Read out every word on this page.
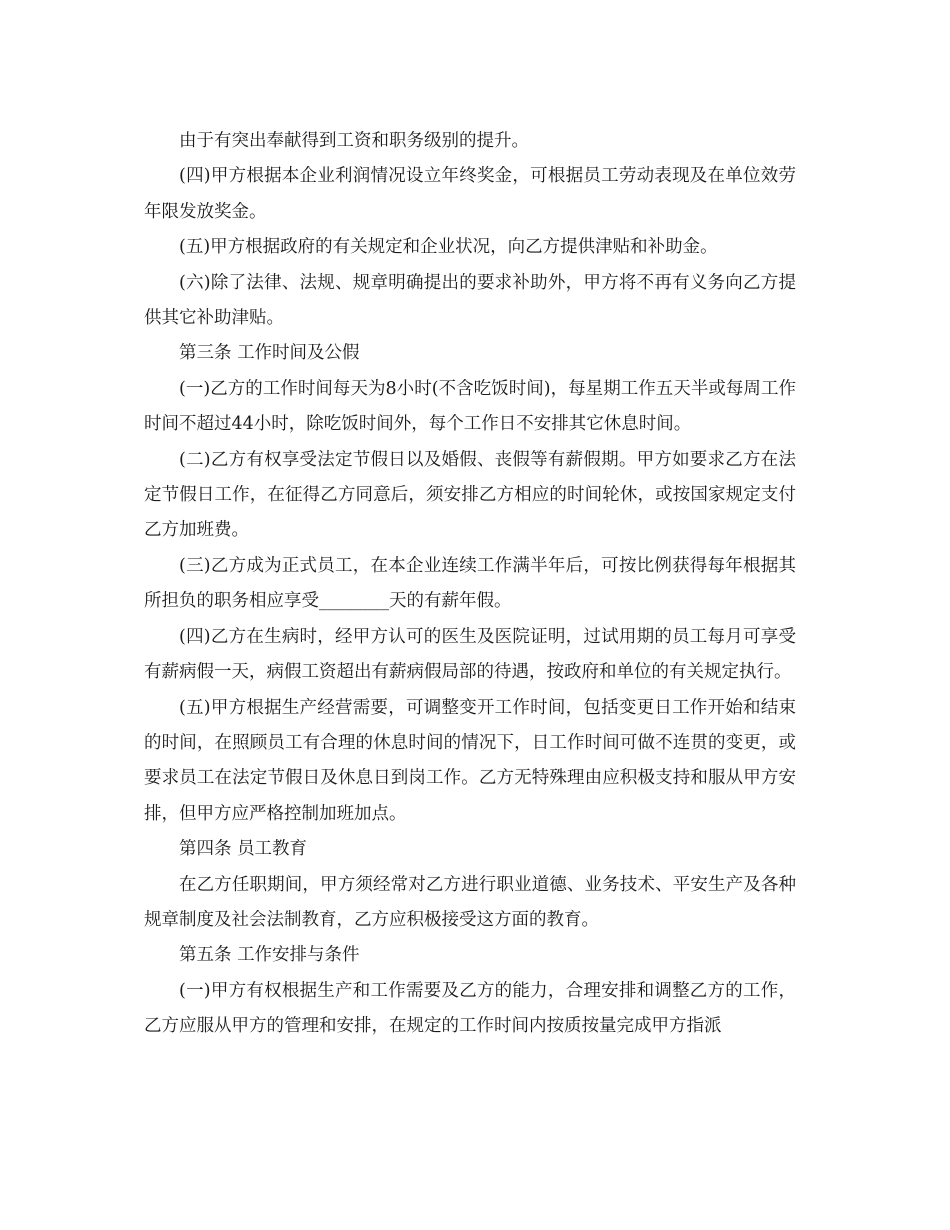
由于有突出奉献得到工资和职务级别的提升。

(四)甲方根据本企业利润情况设立年终奖金，可根据员工劳动表现及在单位效劳年限发放奖金。

(五)甲方根据政府的有关规定和企业状况，向乙方提供津贴和补助金。

(六)除了法律、法规、规章明确提出的要求补助外，甲方将不再有义务向乙方提供其它补助津贴。

第三条 工作时间及公假

(一)乙方的工作时间每天为8小时(不含吃饭时间)，每星期工作五天半或每周工作时间不超过44小时，除吃饭时间外，每个工作日不安排其它休息时间。

(二)乙方有权享受法定节假日以及婚假、丧假等有薪假期。甲方如要求乙方在法定节假日工作，在征得乙方同意后，须安排乙方相应的时间轮休，或按国家规定支付乙方加班费。

(三)乙方成为正式员工，在本企业连续工作满半年后，可按比例获得每年根据其所担负的职务相应享受________天的有薪年假。

(四)乙方在生病时，经甲方认可的医生及医院证明，过试用期的员工每月可享受有薪病假一天，病假工资超出有薪病假局部的待遇，按政府和单位的有关规定执行。

(五)甲方根据生产经营需要，可调整变开工作时间，包括变更日工作开始和结束的时间，在照顾员工有合理的休息时间的情况下，日工作时间可做不连贯的变更，或要求员工在法定节假日及休息日到岗工作。乙方无特殊理由应积极支持和服从甲方安排，但甲方应严格控制加班加点。

第四条 员工教育

在乙方任职期间，甲方须经常对乙方进行职业道德、业务技术、平安生产及各种规章制度及社会法制教育，乙方应积极接受这方面的教育。

第五条 工作安排与条件

(一)甲方有权根据生产和工作需要及乙方的能力，合理安排和调整乙方的工作，乙方应服从甲方的管理和安排，在规定的工作时间内按质按量完成甲方指派
